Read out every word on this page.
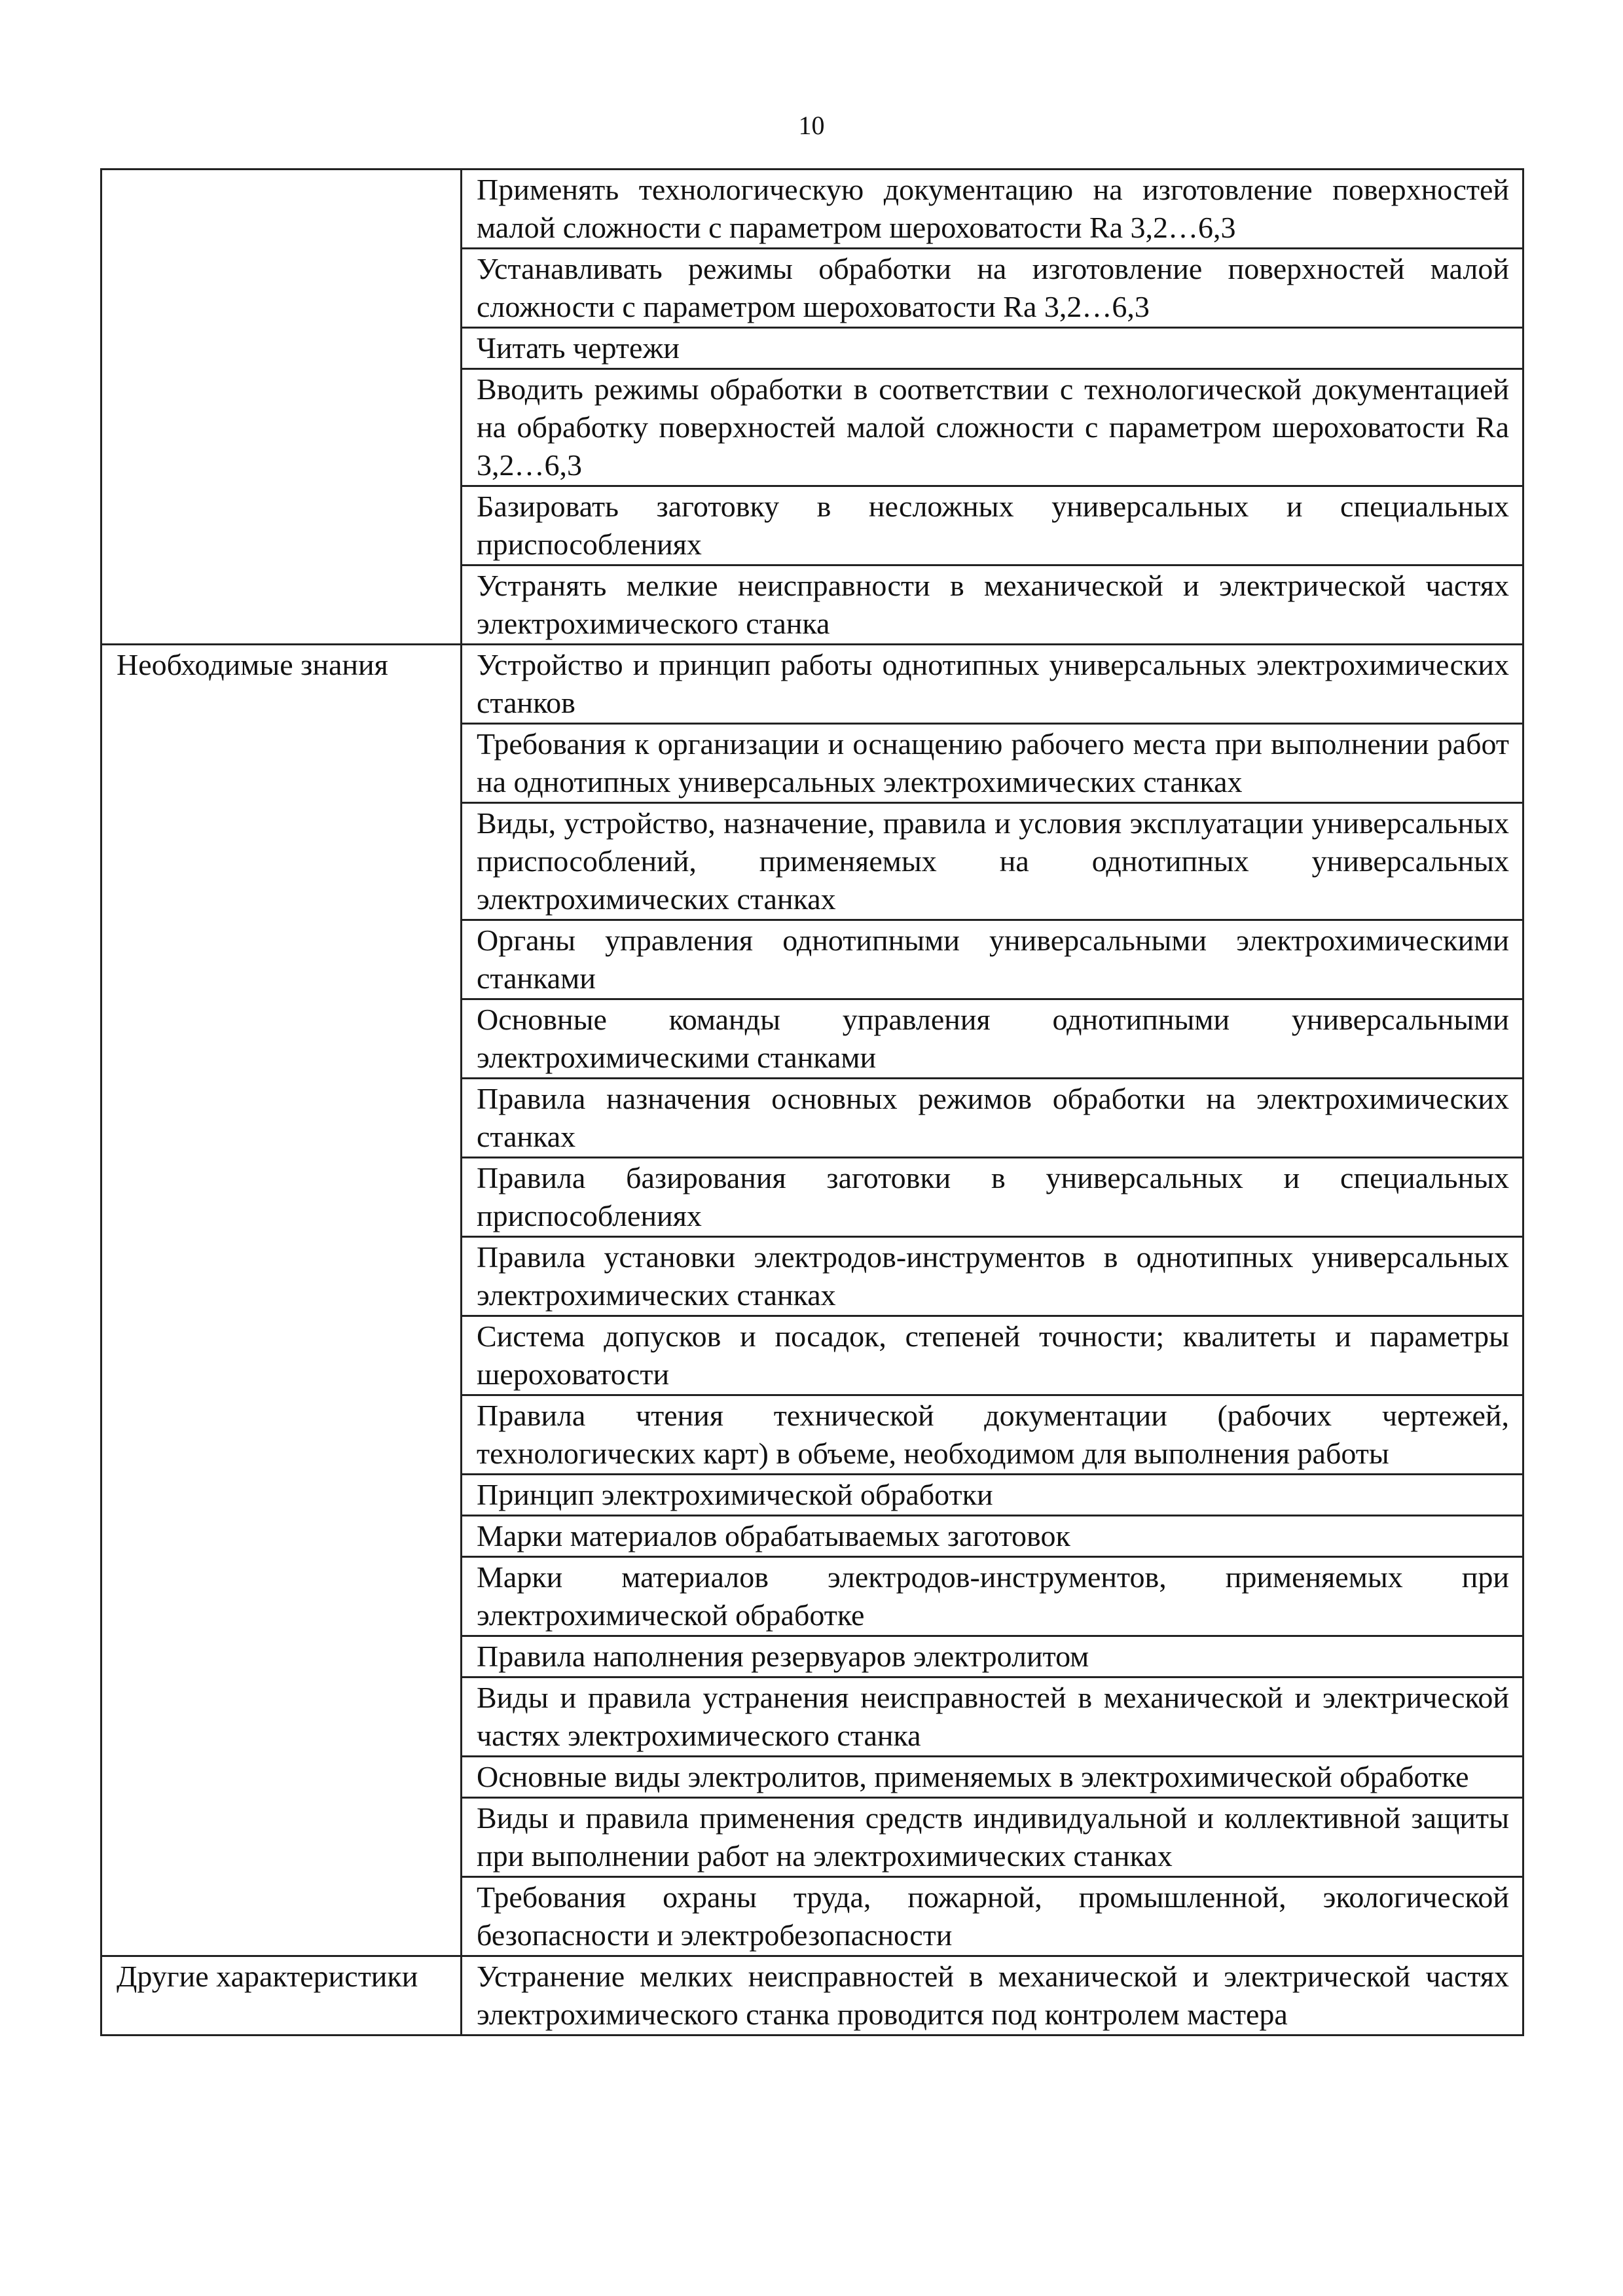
10
	Применять технологическую документацию на изготовление поверхностей малой сложности с параметром шероховатости Ra 3,2…6,3
	Устанавливать режимы обработки на изготовление поверхностей малой сложности с параметром шероховатости Ra 3,2…6,3
	Читать чертежи
	Вводить режимы обработки в соответствии с технологической документацией на обработку поверхностей малой сложности с параметром шероховатости Ra 3,2…6,3
	Базировать заготовку в несложных универсальных и специальных приспособлениях
	Устранять мелкие неисправности в механической и электрической частях электрохимического станка
Необходимые знания	Устройство и принцип работы однотипных универсальных электрохимических станков
	Требования к организации и оснащению рабочего места при выполнении работ на однотипных универсальных электрохимических станках
	Виды, устройство, назначение, правила и условия эксплуатации универсальных приспособлений, применяемых на однотипных универсальных электрохимических станках
	Органы управления однотипными универсальными электрохимическими станками
	Основные команды управления однотипными универсальными электрохимическими станками
	Правила назначения основных режимов обработки на электрохимических станках
	Правила базирования заготовки в универсальных и специальных приспособлениях
	Правила установки электродов-инструментов в однотипных универсальных электрохимических станках
	Система допусков и посадок, степеней точности; квалитеты и параметры шероховатости
	Правила чтения технической документации (рабочих чертежей, технологических карт) в объеме, необходимом для выполнения работы
	Принцип электрохимической обработки
	Марки материалов обрабатываемых заготовок
	Марки материалов электродов-инструментов, применяемых при электрохимической обработке
	Правила наполнения резервуаров электролитом
	Виды и правила устранения неисправностей в механической и электрической частях электрохимического станка
	Основные виды электролитов, применяемых в электрохимической обработке
	Виды и правила применения средств индивидуальной и коллективной защиты при выполнении работ на электрохимических станках
	Требования охраны труда, пожарной, промышленной, экологической безопасности и электробезопасности
Другие характеристики	Устранение мелких неисправностей в механической и электрической частях электрохимического станка проводится под контролем мастера
